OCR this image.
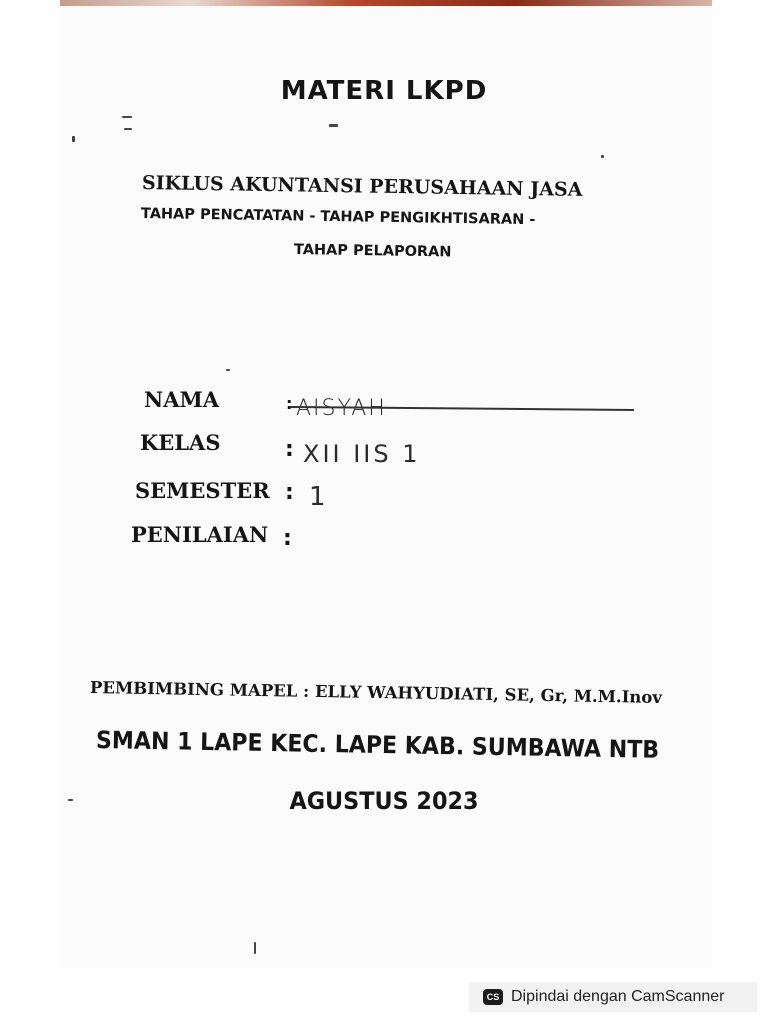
MATERI LKPD
SIKLUS AKUNTANSI PERUSAHAAN JASA
TAHAP PENCATATAN - TAHAP PENGIKHTISARAN -
TAHAP PELAPORAN
NAMA	: AISYAH
KELAS	: XII IIS 1
SEMESTER : 1
PENILAIAN :
PEMBIMBING MAPEL : ELLY WAHYUDIATI, SE, Gr, M.M.Inov
SMAN 1 LAPE KEC. LAPE KAB. SUMBAWA NTB
AGUSTUS 2023
CS Dipindai dengan CamScanner
